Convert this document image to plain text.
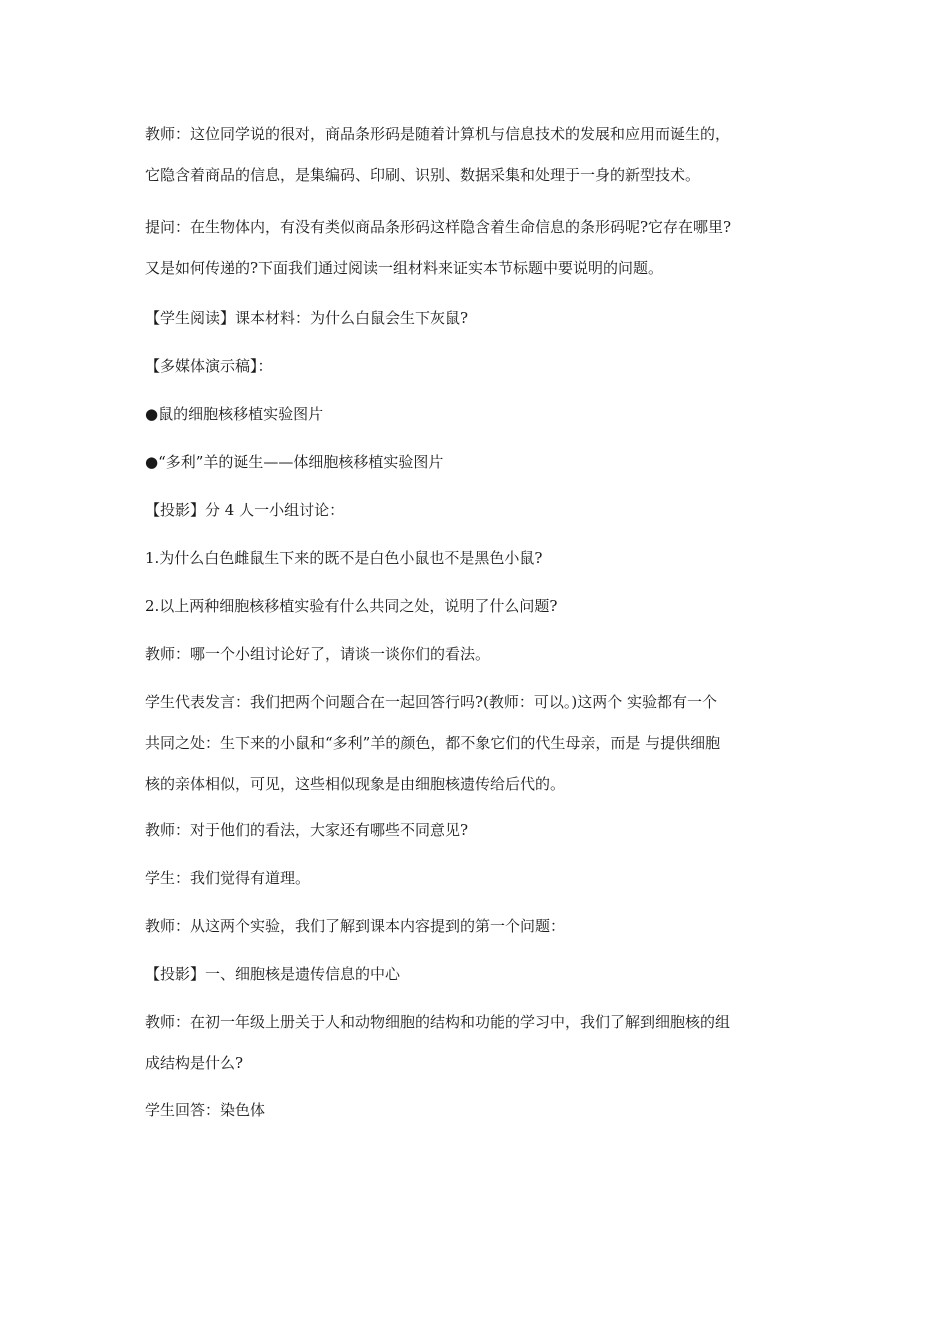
教师：这位同学说的很对，商品条形码是随着计算机与信息技术的发展和应用而诞生的，
它隐含着商品的信息，是集编码、印刷、识别、数据采集和处理于一身的新型技术。

提问：在生物体内，有没有类似商品条形码这样隐含着生命信息的条形码呢?它存在哪里?
又是如何传递的?下面我们通过阅读一组材料来证实本节标题中要说明的问题。

【学生阅读】课本材料：为什么白鼠会生下灰鼠?

【多媒体演示稿】：

●鼠的细胞核移植实验图片

●“多利”羊的诞生——体细胞核移植实验图片

【投影】分 4 人一小组讨论：

1.为什么白色雌鼠生下来的既不是白色小鼠也不是黑色小鼠?

2.以上两种细胞核移植实验有什么共同之处，说明了什么问题?

教师：哪一个小组讨论好了，请谈一谈你们的看法。

学生代表发言：我们把两个问题合在一起回答行吗?(教师：可以。)这两个 实验都有一个
共同之处：生下来的小鼠和“多利”羊的颜色，都不象它们的代生母亲，而是 与提供细胞
核的亲体相似，可见，这些相似现象是由细胞核遗传给后代的。

教师：对于他们的看法，大家还有哪些不同意见?

学生：我们觉得有道理。

教师：从这两个实验，我们了解到课本内容提到的第一个问题：

【投影】一、细胞核是遗传信息的中心

教师：在初一年级上册关于人和动物细胞的结构和功能的学习中，我们了解到细胞核的组
成结构是什么?

学生回答：染色体
